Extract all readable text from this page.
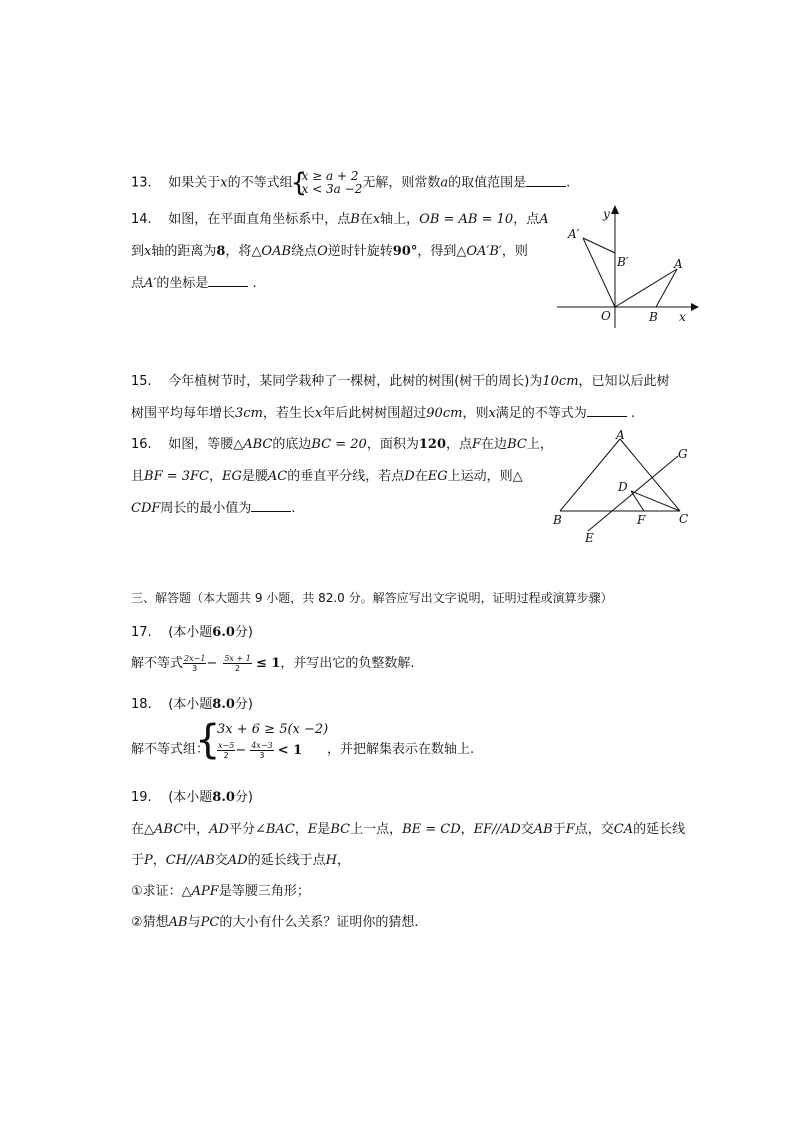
13. 如果关于x的不等式组
{
x ≥ a + 2
x < 3a −2 无解，则常数a的取值范围是	.
14. 如图，在平面直角坐标系中，点B在x轴上，OB = AB = 10，点A
到x轴的距离为8，将△OAB绕点O逆时针旋转90°，得到△OA′B′，则
点A′的坐标是	.
y
A′
B′	A
O	B x
15. 今年植树节时，某同学栽种了一棵树，此树的树围(树干的周长)为10cm，已知以后此树
树围平均每年增长3cm，若生长x年后此树树围超过90cm，则x满足的不等式为	.
16. 如图，等腰△ABC的底边BC = 20，面积为120，点F在边BC上，
且BF = 3FC，EG是腰AC的垂直平分线，若点D在EG上运动，则△
CDF周长的最小值为	.
A
G
D
B	F	C
E
三、解答题（本大题共 9 小题，共 82.0 分。解答应写出文字说明，证明过程或演算步骤）
17. (本小题6.0分)
解不等式 $\frac{2x-1}{3} - \frac{5x + 1}{2} \le 1$，并写出它的负整数解.
18. (本小题8.0分)
解不等式组：
{
3x + 6 ≥ 5(x −2)
$\frac{x-5}{2} - \frac{4x-3}{3} < 1$ ，并把解集表示在数轴上.
19. (本小题8.0分)
在△ABC中，AD平分∠BAC，E是BC上一点，BE = CD，EF//AD交AB于F点，交CA的延长线
于P，CH//AB交AD的延长线于点H，
①求证：△APF是等腰三角形；
②猜想AB与PC的大小有什么关系？证明你的猜想.
